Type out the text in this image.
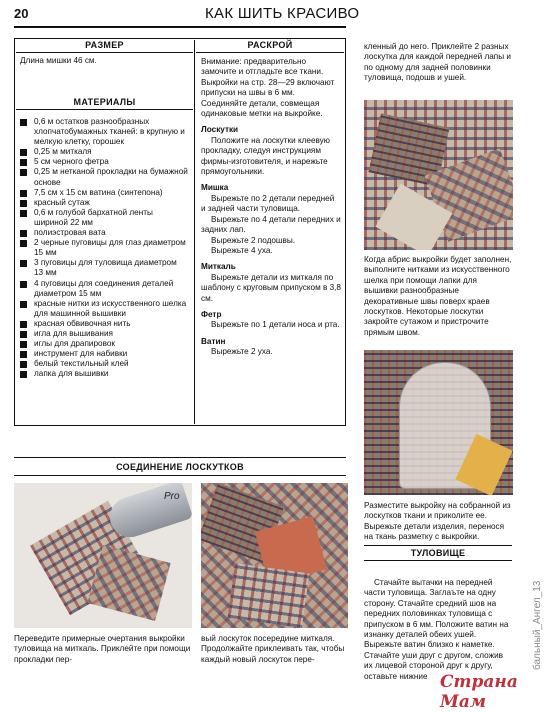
20	КАК ШИТЬ КРАСИВО
РАЗМЕР
Длина мишки 46 см.
МАТЕРИАЛЫ

0,6 м остатков разнообразных хлопчатобумажных тканей: в крупную и мелкую клетку, горошек

0,25 м миткаля

5 см черного фетра

0,25 м нетканой прокладки на бумажной основе

7,5 см х 15 см ватина (синтепона)

красный сутаж

0,6 м голубой бархатной ленты шириной 22 мм

полиэстровая вата

2 черные пуговицы для глаз диаметром 15 мм

3 пуговицы для туловища диаметром 13 мм

4 пуговицы для соединения деталей диаметром 15 мм

красные нитки из искусственного шелка для машинной вышивки

красная обвивочная нить

игла для вышивания

иглы для драпировок

инструмент для набивки

белый текстильный клей

лапка для вышивки

РАСКРОЙ

Внимание: предварительно замочите и отгладьте все ткани. Выкройки на стр. 28—29 включают припуски на швы в 6 мм. Соединяйте детали, совмещая одинаковые метки на выкройке.

Лоскутки

Положите на лоскутки клеевую прокладку, следуя инструкциям фирмы-изготовителя, и нарежьте прямоугольники.

Мишка

Вырежьте по 2 детали передней и задней части туловища.

Вырежьте по 4 детали передних и задних лап.

Вырежьте 2 подошвы.

Вырежьте 4 уха.

Миткаль

Вырежьте детали из миткаля по шаблону с круговым припуском в 3,8 см.

Фетр

Вырежьте по 1 детали носа и рта.

Ватин

Вырежьте 2 уха.

кленный до него. Приклейте 2 разных лоскутка для каждой передней лапы и по одному для задней половинки туловища, подошв и ушей.
Когда абрис выкройки будет заполнен, выполните нитками из искусственного шелка при помощи лапки для вышивки разнообразные декоративные швы поверх краев лоскутков. Некоторые лоскутки закройте сутажом и пристрочите прямым швом.
Разместите выкройку на собранной из лоскутков ткани и приколите ее. Вырежьте детали изделия, перенося на ткань разметку с выкройки.
ТУЛОВИЩЕ
Стачайте вытачки на передней части туловища. Заглаъте на одну сторону. Стачайте средний шов на передних половинках туловища с припуском в 6 мм. Положите ватин на изнанку деталей обеих ушей. Вырежьте ватин близко к наметке. Стачайте уши друг с другом, сложив их лицевой стороной друг к другу, оставьте нижние
СОЕДИНЕНИЕ ЛОСКУТКОВ
Pro
Переведите примерные очертания выкройки туловища на миткаль. Приклейте при помощи прокладки пер-
вый лоскуток посередине миткаля. Продолжайте приклеивать так, чтобы каждый новый лоскуток пере-	бальный_Ангел_13
Страна Мам
